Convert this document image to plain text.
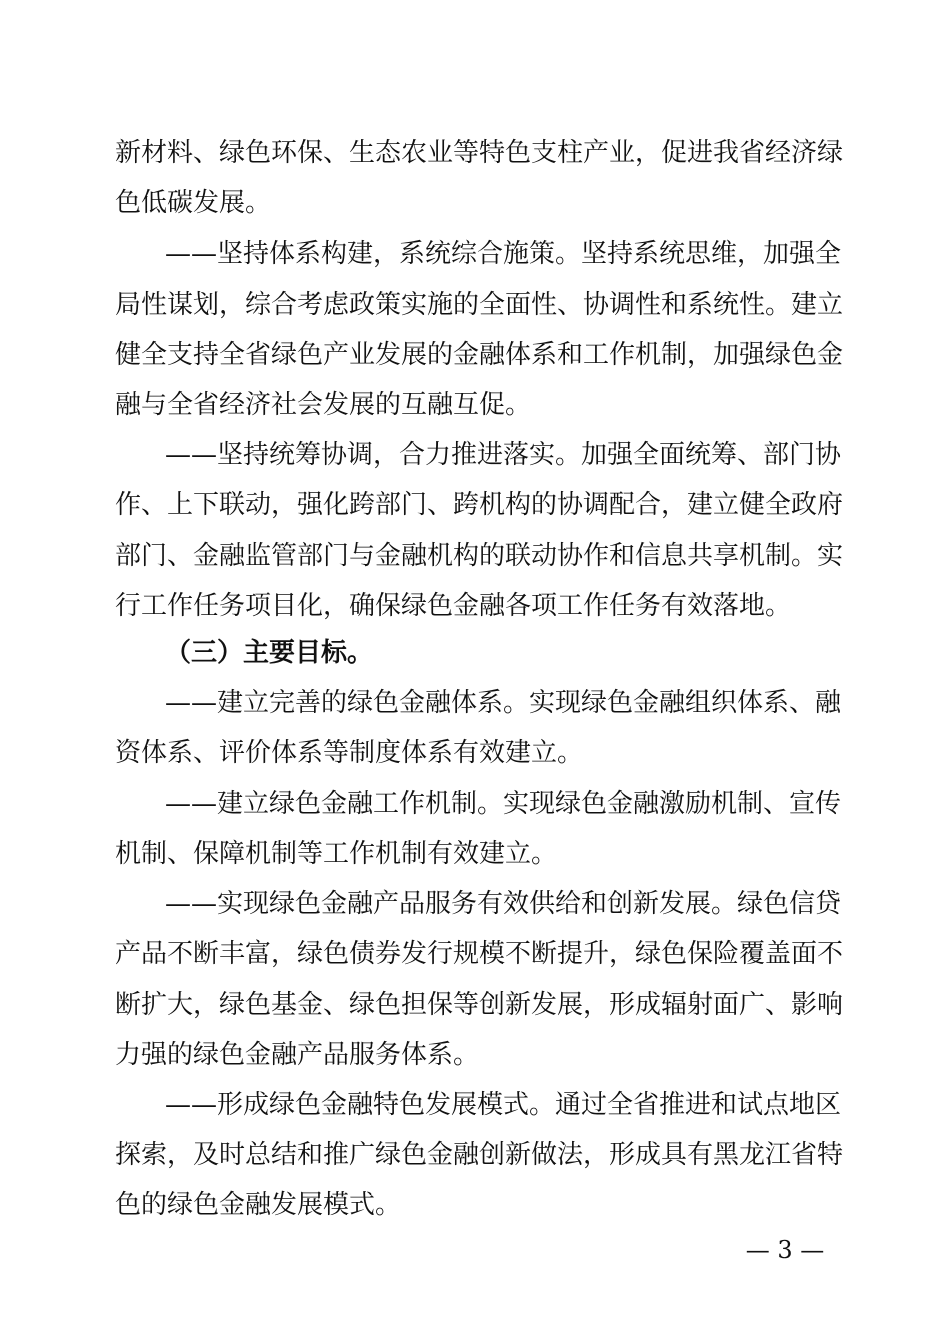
新材料、绿色环保、生态农业等特色支柱产业，促进我省经济绿
色低碳发展。
——坚持体系构建，系统综合施策。坚持系统思维，加强全
局性谋划，综合考虑政策实施的全面性、协调性和系统性。建立
健全支持全省绿色产业发展的金融体系和工作机制，加强绿色金
融与全省经济社会发展的互融互促。
——坚持统筹协调，合力推进落实。加强全面统筹、部门协
作、上下联动，强化跨部门、跨机构的协调配合，建立健全政府
部门、金融监管部门与金融机构的联动协作和信息共享机制。实
行工作任务项目化，确保绿色金融各项工作任务有效落地。
（三）主要目标。
——建立完善的绿色金融体系。实现绿色金融组织体系、融
资体系、评价体系等制度体系有效建立。
——建立绿色金融工作机制。实现绿色金融激励机制、宣传
机制、保障机制等工作机制有效建立。
——实现绿色金融产品服务有效供给和创新发展。绿色信贷
产品不断丰富，绿色债券发行规模不断提升，绿色保险覆盖面不
断扩大，绿色基金、绿色担保等创新发展，形成辐射面广、影响
力强的绿色金融产品服务体系。
——形成绿色金融特色发展模式。通过全省推进和试点地区
探索，及时总结和推广绿色金融创新做法，形成具有黑龙江省特
色的绿色金融发展模式。
— 3 —
